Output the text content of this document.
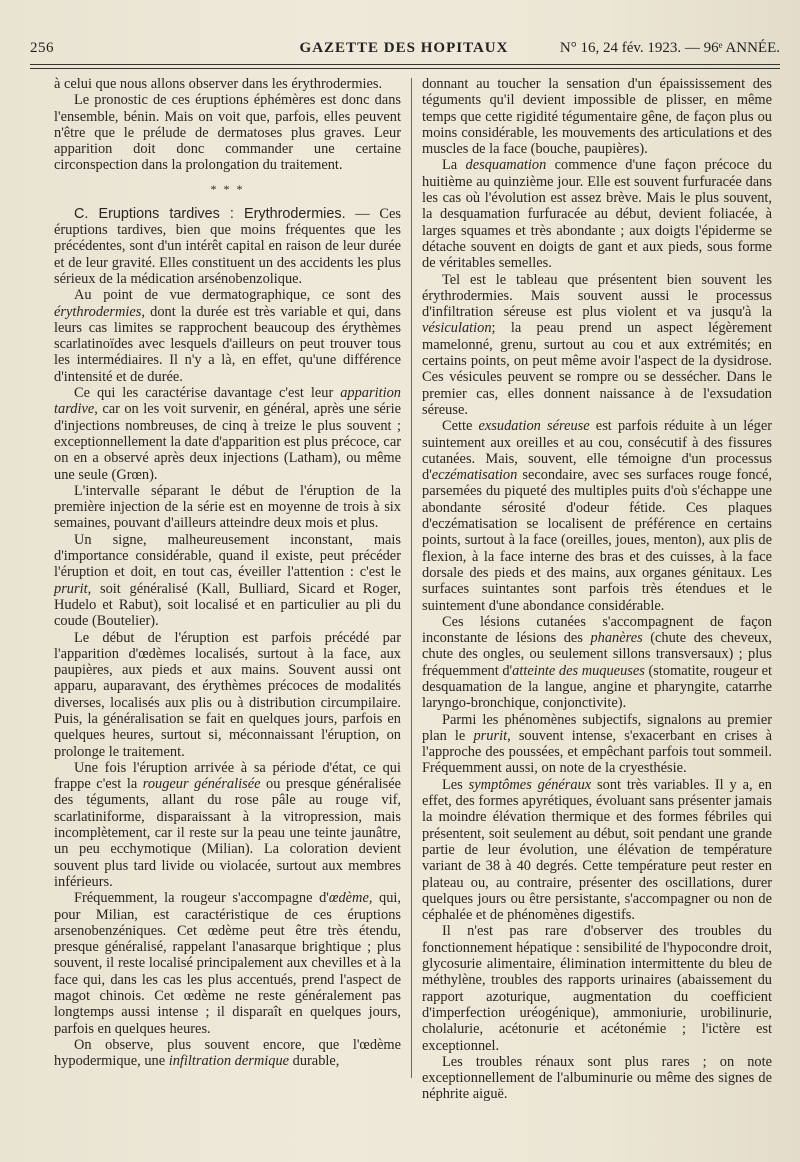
256	GAZETTE DES HOPITAUX	N° 16, 24 fév. 1923. — 96ᵉ ANNÉE.

à celui que nous allons observer dans les érythrodermies.

Le pronostic de ces éruptions éphémères est donc dans l'ensemble, bénin. Mais on voit que, parfois, elles peuvent n'être que le prélude de dermatoses plus graves. Leur apparition doit donc commander une certaine circonspection dans la prolongation du traitement.

* * *

C. Eruptions tardives : Erythrodermies. — Ces éruptions tardives, bien que moins fréquentes que les précédentes, sont d'un intérêt capital en raison de leur durée et de leur gravité. Elles constituent un des accidents les plus sérieux de la médication arsénobenzolique.

Au point de vue dermatographique, ce sont des érythrodermies, dont la durée est très variable et qui, dans leurs cas limites se rapprochent beaucoup des érythèmes scarlatinoïdes avec lesquels d'ailleurs on peut trouver tous les intermédiaires. Il n'y a là, en effet, qu'une différence d'intensité et de durée.

Ce qui les caractérise davantage c'est leur apparition tardive, car on les voit survenir, en général, après une série d'injections nombreuses, de cinq à treize le plus souvent ; exceptionnellement la date d'apparition est plus précoce, car on en a observé après deux injections (Latham), ou même une seule (Grœn).

L'intervalle séparant le début de l'éruption de la première injection de la série est en moyenne de trois à six semaines, pouvant d'ailleurs atteindre deux mois et plus.

Un signe, malheureusement inconstant, mais d'importance considérable, quand il existe, peut précéder l'éruption et doit, en tout cas, éveiller l'attention : c'est le prurit, soit généralisé (Kall, Bulliard, Sicard et Roger, Hudelo et Rabut), soit localisé et en particulier au pli du coude (Boutelier).

Le début de l'éruption est parfois précédé par l'apparition d'œdèmes localisés, surtout à la face, aux paupières, aux pieds et aux mains. Souvent aussi ont apparu, auparavant, des érythèmes précoces de modalités diverses, localisés aux plis ou à distribution circumpilaire. Puis, la généralisation se fait en quelques jours, parfois en quelques heures, surtout si, méconnaissant l'éruption, on prolonge le traitement.

Une fois l'éruption arrivée à sa période d'état, ce qui frappe c'est la rougeur généralisée ou presque généralisée des téguments, allant du rose pâle au rouge vif, scarlatiniforme, disparaissant à la vitropression, mais incomplètement, car il reste sur la peau une teinte jaunâtre, un peu ecchymotique (Milian). La coloration devient souvent plus tard livide ou violacée, surtout aux membres inférieurs.

Fréquemment, la rougeur s'accompagne d'œdème, qui, pour Milian, est caractéristique de ces éruptions arsenobenzéniques. Cet œdème peut être très étendu, presque généralisé, rappelant l'anasarque brightique ; plus souvent, il reste localisé principalement aux chevilles et à la face qui, dans les cas les plus accentués, prend l'aspect de magot chinois. Cet œdème ne reste généralement pas longtemps aussi intense ; il disparaît en quelques jours, parfois en quelques heures.

On observe, plus souvent encore, que l'œdème hypodermique, une infiltration dermique durable,

donnant au toucher la sensation d'un épaississement des téguments qu'il devient impossible de plisser, en même temps que cette rigidité tégumentaire gêne, de façon plus ou moins considérable, les mouvements des articulations et des muscles de la face (bouche, paupières).

La desquamation commence d'une façon précoce du huitième au quinzième jour. Elle est souvent furfuracée dans les cas où l'évolution est assez brève. Mais le plus souvent, la desquamation furfuracée au début, devient foliacée, à larges squames et très abondante ; aux doigts l'épiderme se détache souvent en doigts de gant et aux pieds, sous forme de véritables semelles.

Tel est le tableau que présentent bien souvent les érythrodermies. Mais souvent aussi le processus d'infiltration séreuse est plus violent et va jusqu'à la vésiculation; la peau prend un aspect légèrement mamelonné, grenu, surtout au cou et aux extrémités; en certains points, on peut même avoir l'aspect de la dysidrose. Ces vésicules peuvent se rompre ou se dessécher. Dans le premier cas, elles donnent naissance à de l'exsudation séreuse.

Cette exsudation séreuse est parfois réduite à un léger suintement aux oreilles et au cou, consécutif à des fissures cutanées. Mais, souvent, elle témoigne d'un processus d'eczématisation secondaire, avec ses surfaces rouge foncé, parsemées du piqueté des multiples puits d'où s'échappe une abondante sérosité d'odeur fétide. Ces plaques d'eczématisation se localisent de préférence en certains points, surtout à la face (oreilles, joues, menton), aux plis de flexion, à la face interne des bras et des cuisses, à la face dorsale des pieds et des mains, aux organes génitaux. Les surfaces suintantes sont parfois très étendues et le suintement d'une abondance considérable.

Ces lésions cutanées s'accompagnent de façon inconstante de lésions des phanères (chute des cheveux, chute des ongles, ou seulement sillons transversaux) ; plus fréquemment d'atteinte des muqueuses (stomatite, rougeur et desquamation de la langue, angine et pharyngite, catarrhe laryngo-bronchique, conjonctivite).

Parmi les phénomènes subjectifs, signalons au premier plan le prurit, souvent intense, s'exacerbant en crises à l'approche des poussées, et empêchant parfois tout sommeil. Fréquemment aussi, on note de la cryesthésie.

Les symptômes généraux sont très variables. Il y a, en effet, des formes apyrétiques, évoluant sans présenter jamais la moindre élévation thermique et des formes fébriles qui présentent, soit seulement au début, soit pendant une grande partie de leur évolution, une élévation de température variant de 38 à 40 degrés. Cette température peut rester en plateau ou, au contraire, présenter des oscillations, durer quelques jours ou être persistante, s'accompagner ou non de céphalée et de phénomènes digestifs.

Il n'est pas rare d'observer des troubles du fonctionnement hépatique : sensibilité de l'hypocondre droit, glycosurie alimentaire, élimination intermittente du bleu de méthylène, troubles des rapports urinaires (abaissement du rapport azoturique, augmentation du coefficient d'imperfection uréogénique), ammoniurie, urobilinurie, cholalurie, acétonurie et acétonémie ; l'ictère est exceptionnel.

Les troubles rénaux sont plus rares ; on note exceptionnellement de l'albuminurie ou même des signes de néphrite aiguë.
